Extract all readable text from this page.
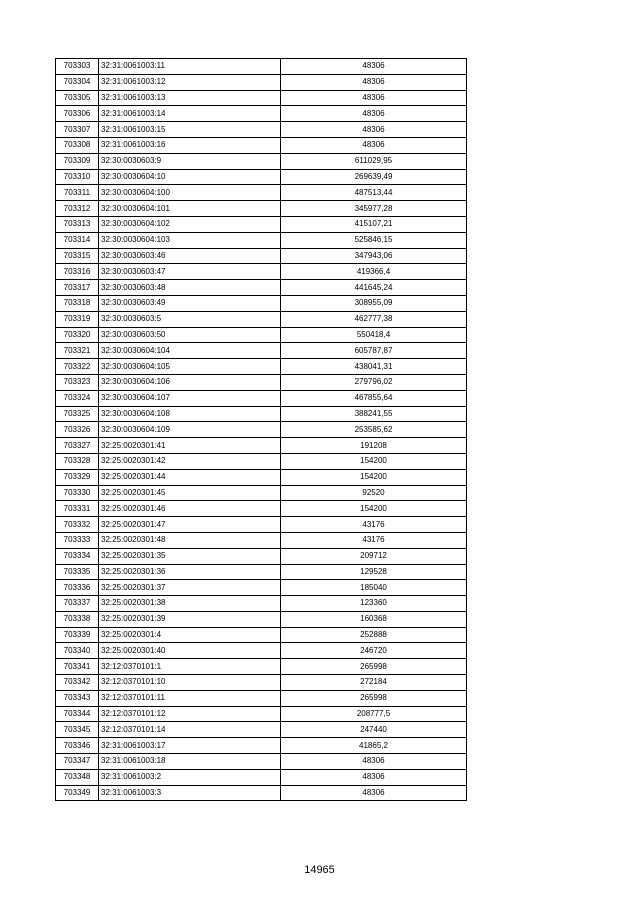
703303	32:31:0061003:11	48306
703304	32:31:0061003:12	48306
703305	32:31:0061003:13	48306
703306	32:31:0061003:14	48306
703307	32:31:0061003:15	48306
703308	32:31:0061003:16	48306
703309	32:30:0030603:9	611029,95
703310	32:30:0030604:10	269639,49
703311	32:30:0030604:100	487513,44
703312	32:30:0030604:101	345977,28
703313	32:30:0030604:102	415107,21
703314	32:30:0030604:103	525846,15
703315	32:30:0030603:46	347943,06
703316	32:30:0030603:47	419366,4
703317	32:30:0030603:48	441645,24
703318	32:30:0030603:49	308955,09
703319	32:30:0030603:5	462777,38
703320	32:30:0030603:50	550418,4
703321	32:30:0030604:104	605787,87
703322	32:30:0030604:105	438041,31
703323	32:30:0030604:106	279796,02
703324	32:30:0030604:107	467855,64
703325	32:30:0030604:108	388241,55
703326	32:30:0030604:109	253585,62
703327	32:25:0020301:41	191208
703328	32:25:0020301:42	154200
703329	32:25:0020301:44	154200
703330	32:25:0020301:45	92520
703331	32:25:0020301:46	154200
703332	32:25:0020301:47	43176
703333	32:25:0020301:48	43176
703334	32:25:0020301:35	209712
703335	32:25:0020301:36	129528
703336	32:25:0020301:37	185040
703337	32:25:0020301:38	123360
703338	32:25:0020301:39	160368
703339	32:25:0020301:4	252888
703340	32:25:0020301:40	246720
703341	32:12:0370101:1	265998
703342	32:12:0370101:10	272184
703343	32:12:0370101:11	265998
703344	32:12:0370101:12	208777,5
703345	32:12:0370101:14	247440
703346	32:31:0061003:17	41865,2
703347	32:31:0061003:18	48306
703348	32:31:0061003:2	48306
703349	32:31:0061003:3	48306
14965
